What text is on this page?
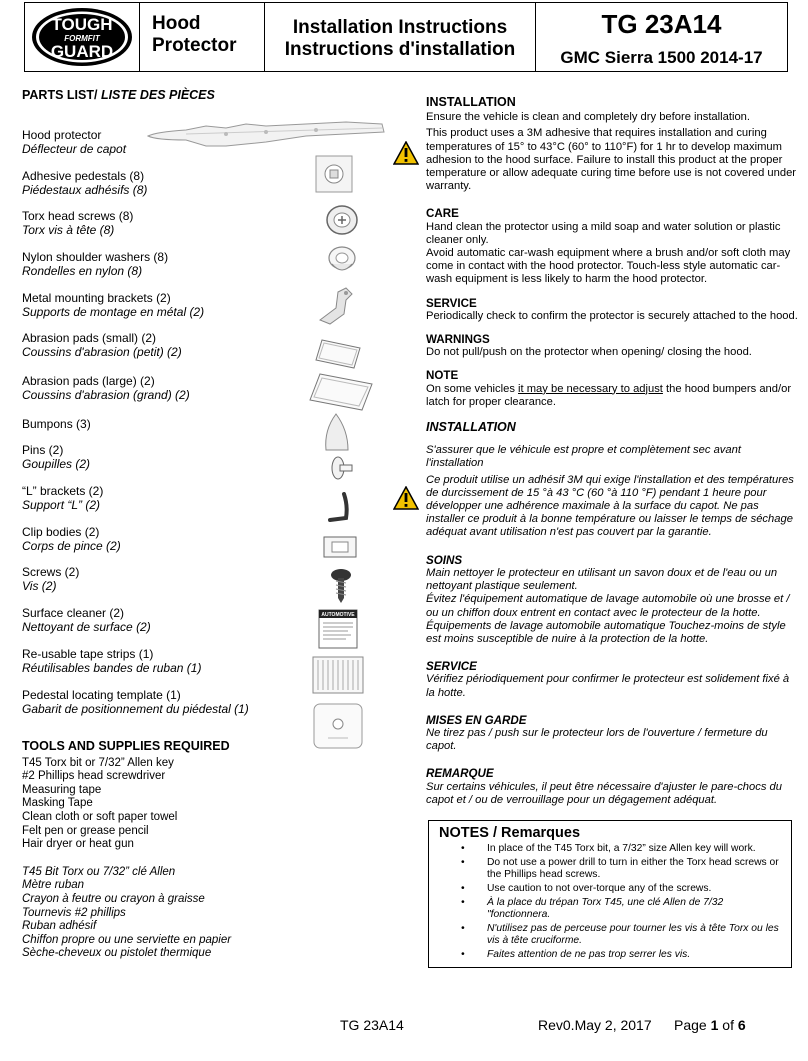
TOUGH
FORMFIT
GUARD
Hood
Protector
Installation Instructions
Instructions d'installation
TG 23A14
GMC Sierra 1500 2014-17
PARTS LIST/ LISTE DES PIÈCES
Hood protector
Déflecteur de capot
Adhesive pedestals (8)
Piédestaux adhésifs (8)
Torx head screws (8)
Torx vis à tête (8)
Nylon shoulder washers (8)
Rondelles en nylon (8)
Metal mounting brackets (2)
Supports de montage en métal (2)
Abrasion pads (small) (2)
Coussins d'abrasion (petit) (2)
Abrasion pads (large) (2)
Coussins d'abrasion (grand) (2)
Bumpons (3)
Pins (2)
Goupilles (2)
“L” brackets (2)
Support “L” (2)
Clip bodies (2)
Corps de pince (2)
Screws (2)
Vis (2)
Surface cleaner (2)
Nettoyant de surface (2)
Re-usable tape strips (1)
Réutilisables bandes de ruban (1)
Pedestal locating template (1)
Gabarit de positionnement du piédestal (1)
AUTOMOTIVE
TOOLS AND SUPPLIES REQUIRED
T45 Torx bit or 7/32” Allen key
#2 Phillips head screwdriver
Measuring tape
Masking Tape
Clean cloth or soft paper towel
Felt pen or grease pencil
Hair dryer or heat gun
T45 Bit Torx ou 7/32” clé Allen
Mètre ruban
Crayon à feutre ou crayon à graisse
Tournevis #2 phillips
Ruban adhésif
Chiffon propre ou une serviette en papier
Sèche-cheveux ou pistolet thermique
INSTALLATION
Ensure the vehicle is clean and completely dry before installation.
This product uses a 3M adhesive that requires installation and curing temperatures of 15° to 43°C (60° to 110°F) for 1 hr to develop maximum adhesion to the hood surface. Failure to install this product at the proper temperature or allow adequate curing time before use is not covered under warranty.
CARE
Hand clean the protector using a mild soap and water solution or plastic cleaner only.
Avoid automatic car-wash equipment where a brush and/or soft cloth may come in contact with the hood protector. Touch-less style automatic car-wash equipment is less likely to harm the hood protector.
SERVICE
Periodically check to confirm the protector is securely attached to the hood.
WARNINGS
Do not pull/push on the protector when opening/ closing the hood.
NOTE
On some vehicles it may be necessary to adjust the hood bumpers and/or latch for proper clearance.
INSTALLATION
S'assurer que le véhicule est propre et complètement sec avant l'installation
Ce produit utilise un adhésif 3M qui exige l'installation et des températures de durcissement de 15 °à 43 °C (60 °à 110 °F) pendant 1 heure pour développer une adhérence maximale à la surface du capot. Ne pas installer ce produit à la bonne température ou laisser le temps de séchage adéquat avant utilisation n'est pas couvert par la garantie.
SOINS
Main nettoyer le protecteur en utilisant un savon doux et de l'eau ou un nettoyant plastique seulement.
Évitez l'équipement automatique de lavage automobile où une brosse et / ou un chiffon doux entrent en contact avec le protecteur de la hotte. Équipements de lavage automobile automatique Touchez-moins de style est moins susceptible de nuire à la protection de la hotte.
SERVICE
Vérifiez périodiquement pour confirmer le protecteur est solidement fixé à la hotte.
MISES EN GARDE
Ne tirez pas / push sur le protecteur lors de l'ouverture / fermeture du capot.
REMARQUE
Sur certains véhicules, il peut être nécessaire d'ajuster le pare-chocs du capot et / ou de verrouillage pour un dégagement adéquat.
NOTES / Remarques
• In place of the T45 Torx bit, a 7/32” size Allen key will work.
• Do not use a power drill to turn in either the Torx head screws or the Phillips head screws.
• Use caution to not over-torque any of the screws.
• À la place du trépan Torx T45, une clé Allen de 7/32 "fonctionnera.
• N'utilisez pas de perceuse pour tourner les vis à tête Torx ou les vis à tête cruciforme.
• Faites attention de ne pas trop serrer les vis.
TG 23A14	Rev0.May 2, 2017 Page 1 of 6
